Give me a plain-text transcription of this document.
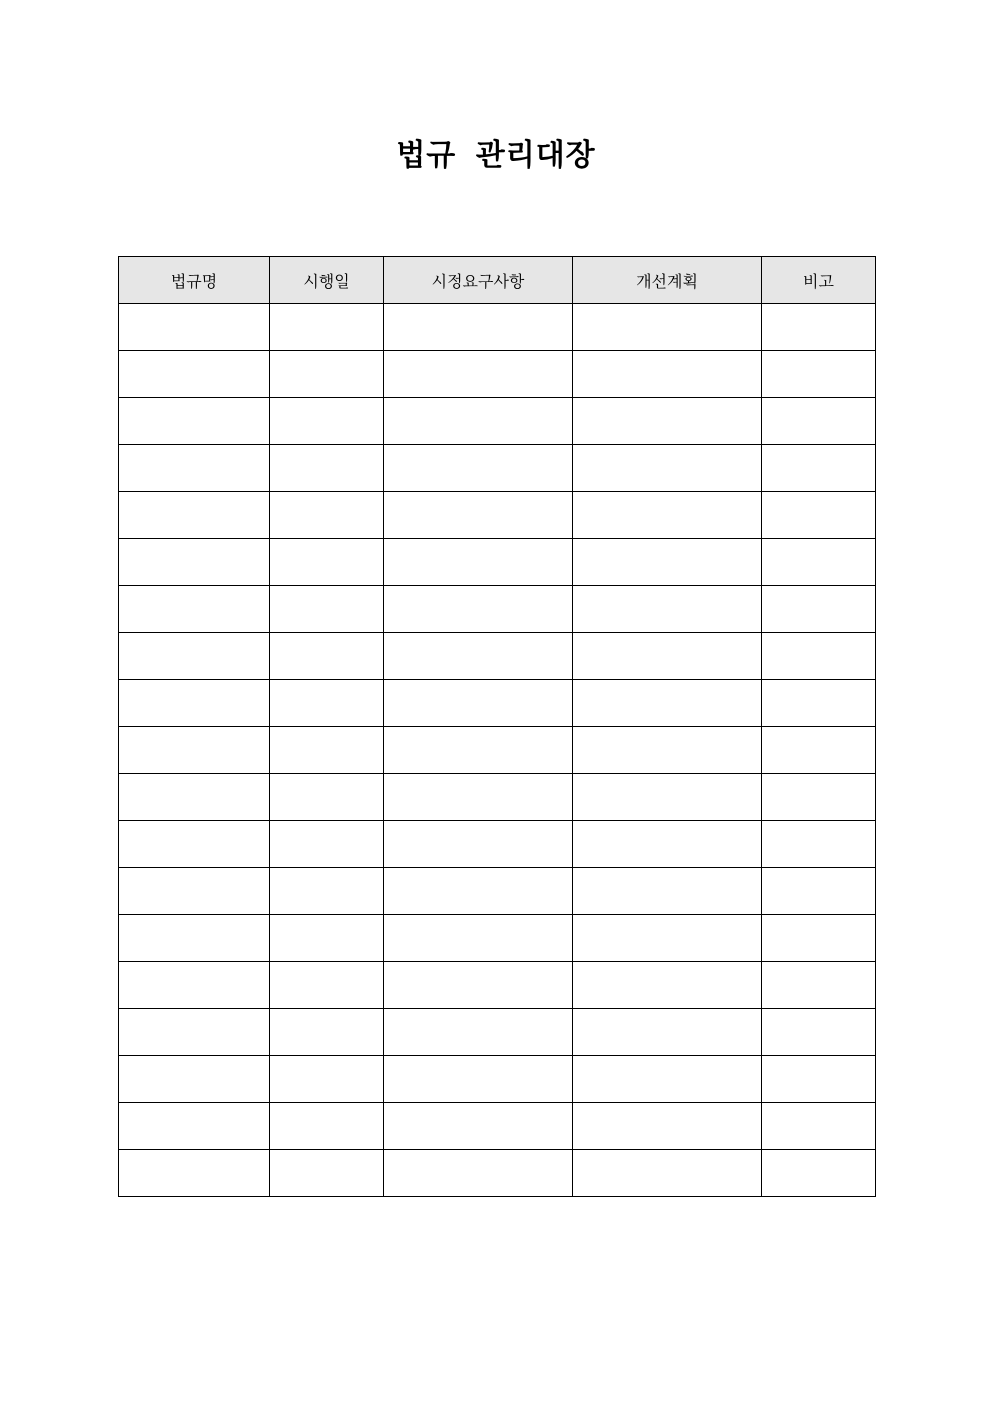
법규 관리대장
법규명	시행일	시정요구사항	개선계획	비고
